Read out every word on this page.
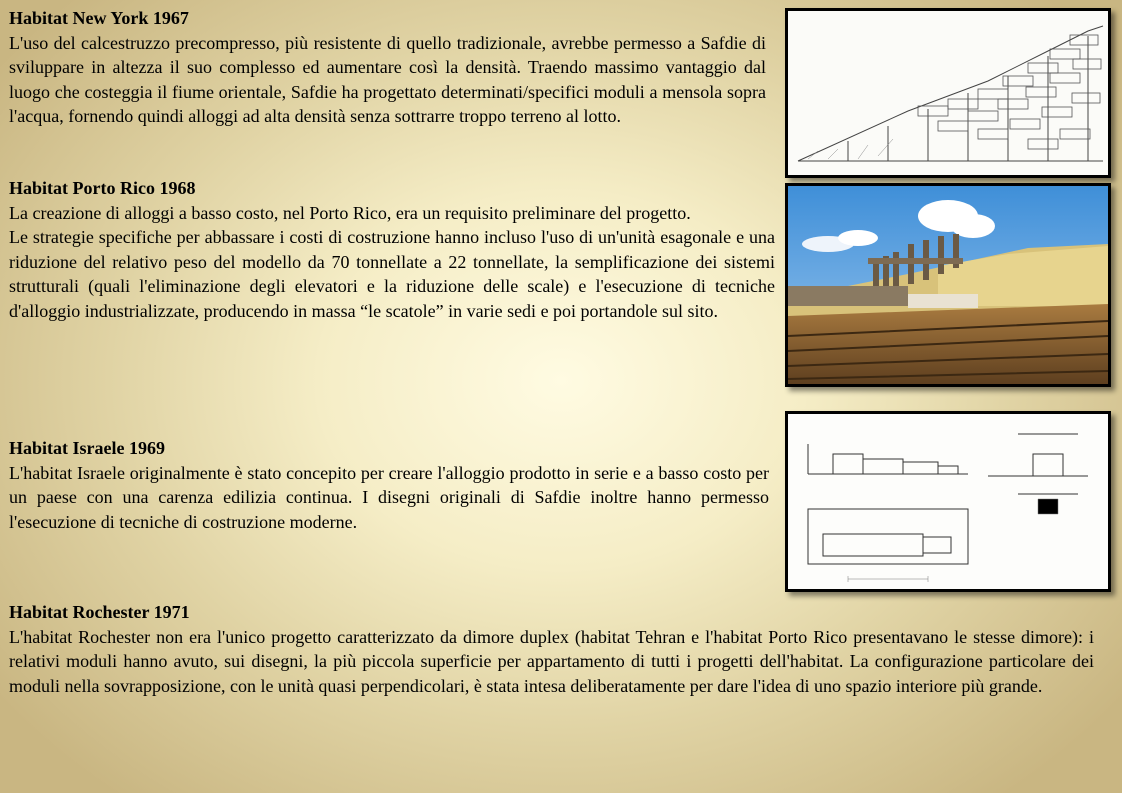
Habitat New York 1967

L'uso del calcestruzzo precompresso, più resistente di quello tradizionale, avrebbe permesso a Safdie di sviluppare in altezza il suo complesso ed aumentare così la densità. Traendo massimo vantaggio dal luogo che costeggia il fiume orientale, Safdie ha progettato determinati/specifici moduli a mensola sopra l'acqua, fornendo quindi alloggi ad alta densità senza sottrarre troppo terreno al lotto.

Habitat Porto Rico 1968

La creazione di alloggi a basso costo, nel Porto Rico, era un requisito preliminare del progetto.

Le strategie specifiche per abbassare i costi di costruzione hanno incluso l'uso di un'unità esagonale e una riduzione del relativo peso del modello da 70 tonnellate a 22 tonnellate, la semplificazione dei sistemi strutturali (quali l'eliminazione degli elevatori e la riduzione delle scale) e l'esecuzione di tecniche d'alloggio industrializzate, producendo in massa “le scatole” in varie sedi e poi portandole sul sito.

Habitat Israele 1969

L'habitat Israele originalmente è stato concepito per creare l'alloggio prodotto in serie e a basso costo per un paese con una carenza edilizia continua. I disegni originali di Safdie inoltre hanno permesso l'esecuzione di tecniche di costruzione moderne.

Habitat Rochester 1971

L'habitat Rochester non era l'unico progetto caratterizzato da dimore duplex (habitat Tehran e l'habitat Porto Rico presentavano le stesse dimore): i relativi moduli hanno avuto, sui disegni, la più piccola superficie per appartamento di tutti i progetti dell'habitat. La configurazione particolare dei moduli nella sovrapposizione, con le unità quasi perpendicolari, è stata intesa deliberatamente per dare l'idea di uno spazio interiore più grande.
